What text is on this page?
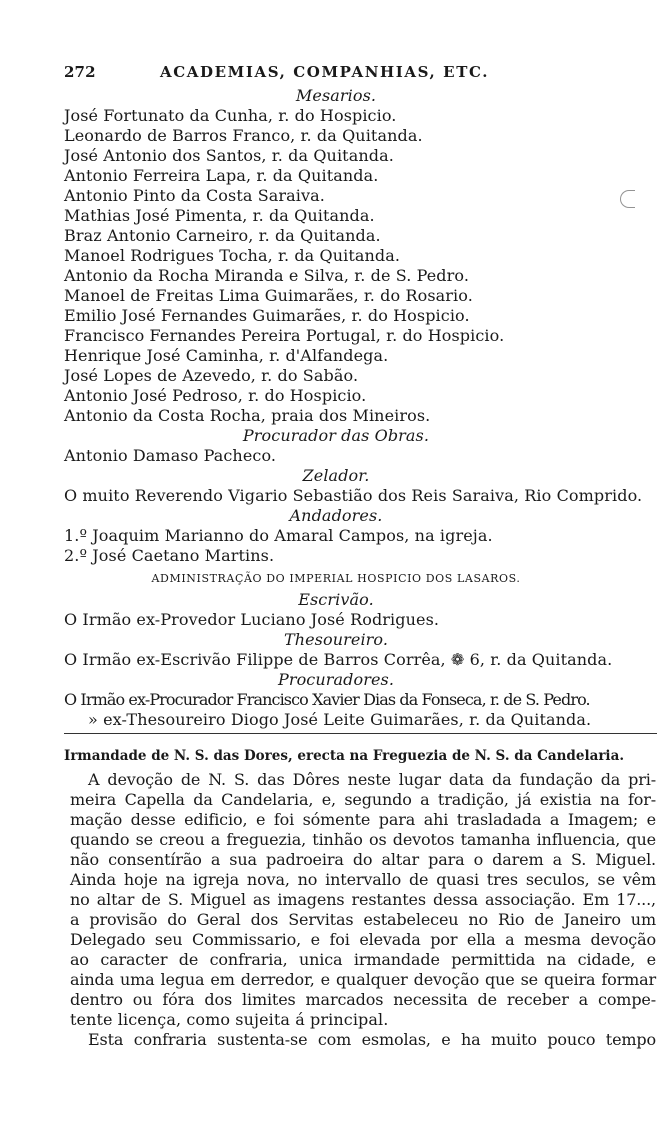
272	ACADEMIAS, COMPANHIAS, ETC.
Mesarios.
José Fortunato da Cunha, r. do Hospicio.
Leonardo de Barros Franco, r. da Quitanda.
José Antonio dos Santos, r. da Quitanda.
Antonio Ferreira Lapa, r. da Quitanda.
Antonio Pinto da Costa Saraiva.
Mathias José Pimenta, r. da Quitanda.
Braz Antonio Carneiro, r. da Quitanda.
Manoel Rodrigues Tocha, r. da Quitanda.
Antonio da Rocha Miranda e Silva, r. de S. Pedro.
Manoel de Freitas Lima Guimarães, r. do Rosario.
Emilio José Fernandes Guimarães, r. do Hospicio.
Francisco Fernandes Pereira Portugal, r. do Hospicio.
Henrique José Caminha, r. d'Alfandega.
José Lopes de Azevedo, r. do Sabão.
Antonio José Pedroso, r. do Hospicio.
Antonio da Costa Rocha, praia dos Mineiros.
Procurador das Obras.
Antonio Damaso Pacheco.
Zelador.
O muito Reverendo Vigario Sebastião dos Reis Saraiva, Rio Comprido.
Andadores.
1.º Joaquim Marianno do Amaral Campos, na igreja.
2.º José Caetano Martins.
ADMINISTRAÇÃO DO IMPERIAL HOSPICIO DOS LASAROS.
Escrivão.
O Irmão ex-Provedor Luciano José Rodrigues.
Thesoureiro.
O Irmão ex-Escrivão Filippe de Barros Corrêa, ❁ 6, r. da Quitanda.
Procuradores.
O Irmão ex-Procurador Francisco Xavier Dias da Fonseca, r. de S. Pedro.
» ex-Thesoureiro Diogo José Leite Guimarães, r. da Quitanda.
Irmandade de N. S. das Dores, erecta na Freguezia de N. S. da Candelaria.
A devoção de N. S. das Dôres neste lugar data da fundação da pri-
meira Capella da Candelaria, e, segundo a tradição, já existia na for-
mação desse edificio, e foi sómente para ahi trasladada a Imagem; e
quando se creou a freguezia, tinhão os devotos tamanha influencia, que
não consentírão a sua padroeira do altar para o darem a S. Miguel.
Ainda hoje na igreja nova, no intervallo de quasi tres seculos, se vêm
no altar de S. Miguel as imagens restantes dessa associação. Em 17...,
a provisão do Geral dos Servitas estabeleceu no Rio de Janeiro um
Delegado seu Commissario, e foi elevada por ella a mesma devoção
ao caracter de confraria, unica irmandade permittida na cidade, e
ainda uma legua em derredor, e qualquer devoção que se queira formar
dentro ou fóra dos limites marcados necessita de receber a compe-
tente licença, como sujeita á principal.
Esta confraria sustenta-se com esmolas, e ha muito pouco tempo
